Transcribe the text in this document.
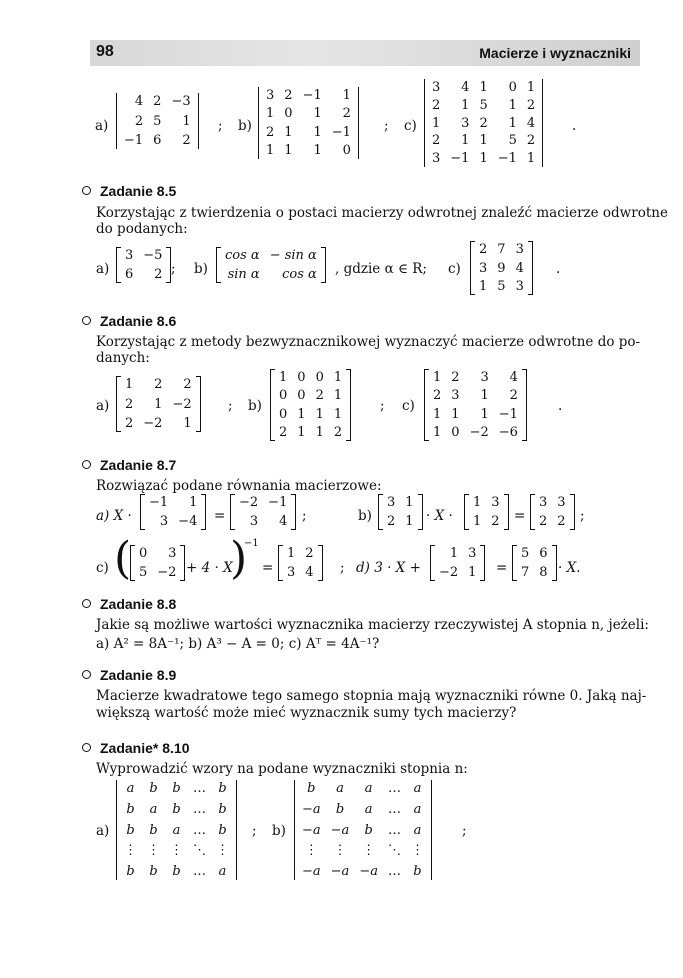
98	Macierze i wyznaczniki
a)
4 2 −3
2 5	1
−1 6	2
; b)
3 2 −1	1
1 0	1	2
2 1	1 −1
1 1	1	0
; c)
3	4 1	0 1
2	1 5	1 2
1	3 2	1 4
2	1 1	5 2
3 −1 1 −1 1
.
Zadanie 8.5
Korzystając z twierdzenia o postaci macierzy odwrotnej znaleźć macierze odwrotne
do podanych:
a)
3 −5
6	2 ; b)
cos α − sin α
sin α	cos α , gdzie α ∈ R; c)
2 7 3
3 9 4
1 5 3
.
Zadanie 8.6
Korzystając z metody bezwyznacznikowej wyznaczyć macierze odwrotne do po-
danych:
a)
1	2	2
2	1 −2
2 −2	1
; b)
1 0 0 1
0 0 2 1
0 1 1 1
2 1 1 2
; c)
1 2	3	4
2 3	1	2
1 1	1 −1
1 0 −2 −6
.
Zadanie 8.7
Rozwiązać podane równania macierzowe:
a) X ·
−1	1
3 −4 =
−2 −1
3	4 ;	b)
3 1
2 1 · X ·
1 3
1 2 =
3 3
2 2 ;
c) ( 0	3
5 −2 + 4 · X
)
−1
=
1 2
3 4 ; d) 3 · X +
1 3
−2 1 =
5 6
7 8 · X.
Zadanie 8.8
Jakie są możliwe wartości wyznacznika macierzy rzeczywistej A stopnia n, jeżeli:
a) A² = 8A⁻¹; b) A³ − A = 0; c) Aᵀ = 4A⁻¹?
Zadanie 8.9
Macierze kwadratowe tego samego stopnia mają wyznaczniki równe 0. Jaką naj-
większą wartość może mieć wyznacznik sumy tych macierzy?
Zadanie* 8.10
Wyprowadzić wzory na podane wyznaczniki stopnia n:
a)
a b b … b
b a b … b
b b a … b
⋮ ⋮ ⋮ ⋱ ⋮
b b b … a
; b)
b	a	a	… a
−a	b	a	… a
−a −a	b	… a
⋮ ⋮ ⋮ ⋱ ⋮
−a −a −a … b
;
